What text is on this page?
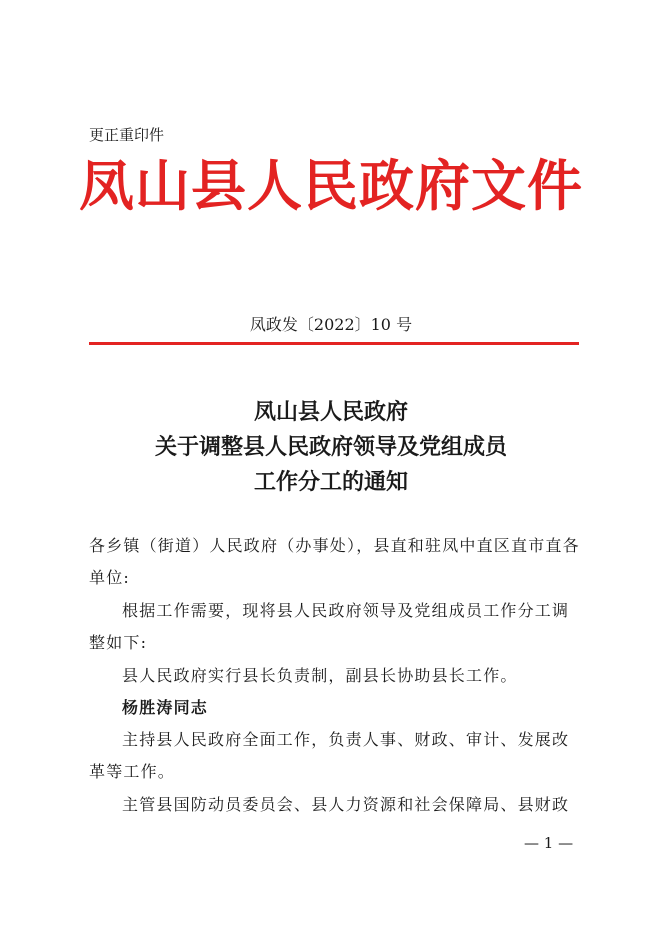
更正重印件
凤山县人民政府文件
凤政发〔2022〕10 号
凤山县人民政府
关于调整县人民政府领导及党组成员
工作分工的通知
各乡镇（街道）人民政府（办事处），县直和驻凤中直区直市直各单位:
根据工作需要，现将县人民政府领导及党组成员工作分工调整如下:
县人民政府实行县长负责制，副县长协助县长工作。
杨胜涛同志
主持县人民政府全面工作，负责人事、财政、审计、发展改革等工作。
主管县国防动员委员会、县人力资源和社会保障局、县财政
— 1 —
